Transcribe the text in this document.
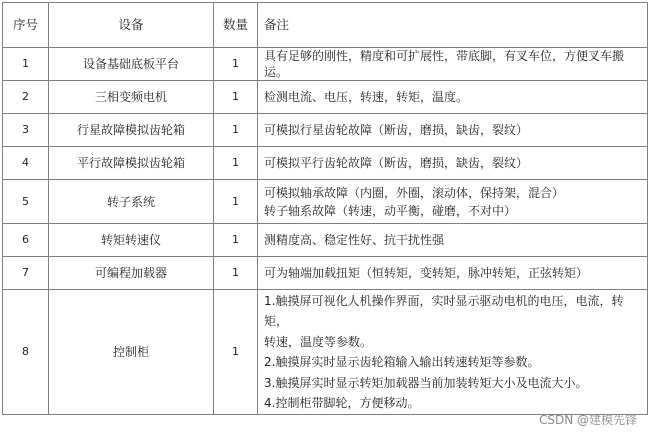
序号	设备	数量	备注
1	设备基础底板平台	1	具有足够的刚性，精度和可扩展性，带底脚，有叉车位，方便叉车搬运。

2	三相变频电机	1	检测电流、电压，转速，转矩，温度。

3	行星故障模拟齿轮箱	1	可模拟行星齿轮故障（断齿，磨损，缺齿，裂纹）

4	平行故障模拟齿轮箱	1	可模拟平行齿轮故障（断齿，磨损，缺齿，裂纹）

5	转子系统	1	可模拟轴承故障（内圈，外圈，滚动体，保持架，混合）
转子轴系故障（转速，动平衡，碰磨，不对中）

6	转矩转速仪	1	测精度高、稳定性好、抗干扰性强

7	可编程加载器	1	可为轴端加载扭矩（恒转矩，变转矩，脉冲转矩，正弦转矩）

8	控制柜	1	1.触摸屏可视化人机操作界面，实时显示驱动电机的电压，电流，转矩，
转速，温度等参数。
2.触摸屏实时显示齿轮箱输入输出转速转矩等参数。
3.触摸屏实时显示转矩加载器当前加装转矩大小及电流大小。
4.控制柜带脚轮，方便移动。
CSDN @建模先锋
